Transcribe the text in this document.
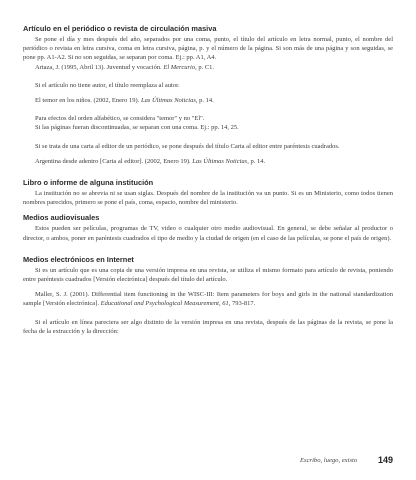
Artículo en el periódico o revista de circulación masiva

Se pone el día y mes después del año, separados por una coma, punto, el título del artículo en letra normal, punto, el nombre del periódico o revista en letra cursiva, coma en letra cursiva, página, p. y el número de la página. Si son más de una página y son seguidas, se pone pp. A1-A2. Si no son seguidas, se separan por coma. Ej.: pp. A1, A4.

Artaza, J. (1995, Abril 13). Juventud y vocación. El Mercurio, p. C1.

Si el artículo no tiene autor, el título reemplaza al autor.

El temor en los niños. (2002, Enero 19). Las Últimas Noticias, p. 14.

Para efectos del orden alfabético, se considera "temor" y no "El".

Si las páginas fueran discontinuadas, se separan con una coma. Ej.: pp. 14, 25.

Si se trata de una carta al editor de un periódico, se pone después del título Carta al editor entre paréntesis cuadrados.

Argentina desde adentro [Carta al editor]. (2002, Enero 19). Las Últimas Noticias, p. 14.

Libro o informe de alguna institución

La institución no se abrevia ni se usan siglas. Después del nombre de la institución va un punto. Si es un Ministerio, como todos tienen nombres parecidos, primero se pone el país, coma, espacio, nombre del ministerio.

Medios audiovisuales

Estos pueden ser películas, programas de TV, video o cualquier otro medio audiovisual. En general, se debe señalar al productor o director, o ambos, poner en paréntesis cuadrados el tipo de medio y la ciudad de origen (en el caso de las películas, se pone el país de origen).

Medios electrónicos en Internet

Si es un artículo que es una copia de una versión impresa en una revista, se utiliza el mismo formato para artículo de revista, poniendo entre paréntesis cuadrados [Versión electrónica] después del título del artículo.

Maller, S. J. (2001). Differential item functioning in the WISC-III: Item parameters for boys and girls in the national standardization sample [Versión electrónica]. Educational and Psychological Measurement, 61, 793-817.

Si el artículo en línea pareciera ser algo distinto de la versión impresa en una revista, después de las páginas de la revista, se pone la fecha de la extracción y la dirección:

Escribo, luego, existo 149
